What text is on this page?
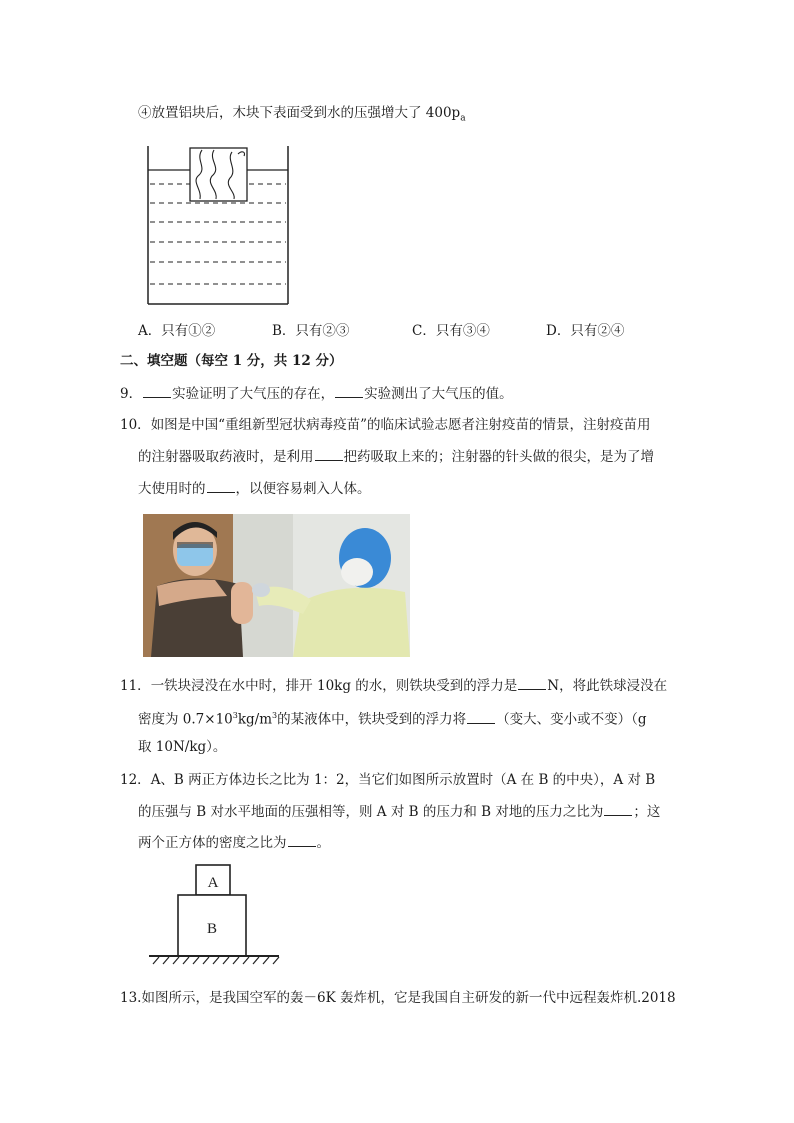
④放置铝块后，木块下表面受到水的压强增大了 $400p_a$
A．只有①②	B．只有②③	C．只有③④	D．只有②④
二、填空题（每空 1 分，共 12 分）
9． 实验证明了大气压的存在， 实验测出了大气压的值。
10．如图是中国“重组新型冠状病毒疫苗”的临床试验志愿者注射疫苗的情景，注射疫苗用
的注射器吸取药液时，是利用 把药吸取上来的；注射器的针头做的很尖，是为了增
大使用时的 ，以便容易刺入人体。
11．一铁块浸没在水中时，排开 10kg 的水，则铁块受到的浮力是 N，将此铁球浸没在
密度为 $0.7\times 10^3kg/m^3$的某液体中，铁块受到的浮力将 （变大、变小或不变）（g
取 10N/kg）。
12．A、B 两正方体边长之比为 1：2，当它们如图所示放置时（A 在 B 的中央），A 对 B
的压强与 B 对水平地面的压强相等，则 A 对 B 的压力和 B 对地的压力之比为 ；这
两个正方体的密度之比为 。
A
B
13.如图所示，是我国空军的轰－6K 轰炸机，它是我国自主研发的新一代中远程轰炸机.2018
